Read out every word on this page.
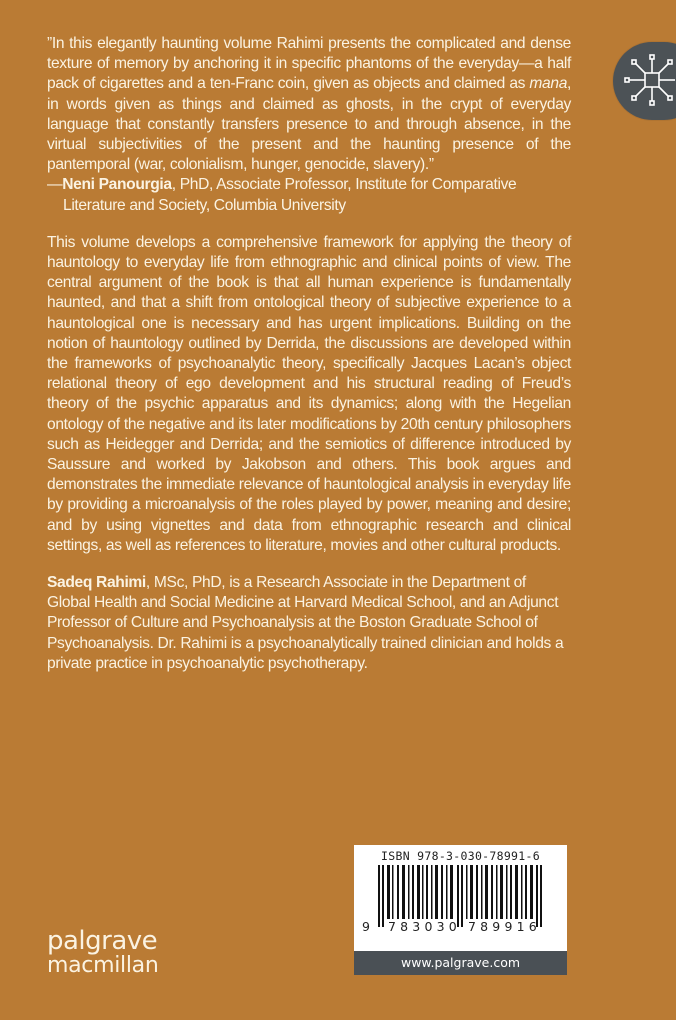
”In this elegantly haunting volume Rahimi presents the complicated and dense texture of memory by anchoring it in specific phantoms of the everyday—a half pack of cigarettes and a ten-Franc coin, given as objects and claimed as mana, in words given as things and claimed as ghosts, in the crypt of everyday language that constantly transfers presence to and through absence, in the virtual subjectivities of the present and the haunting presence of the pantemporal (war, colonialism, hunger, genocide, slavery).”

—Neni Panourgia, PhD, Associate Professor, Institute for Comparative Literature and Society, Columbia University

This volume develops a comprehensive framework for applying the theory of hauntology to everyday life from ethnographic and clinical points of view. The central argument of the book is that all human experience is fundamentally haunted, and that a shift from ontological theory of subjective experience to a hauntological one is necessary and has urgent implications. Building on the notion of hauntology outlined by Derrida, the discussions are developed within the frameworks of psychoanalytic theory, specifically Jacques Lacan’s object relational theory of ego development and his structural reading of Freud’s theory of the psychic apparatus and its dynamics; along with the Hegelian ontology of the negative and its later modifications by 20th century philosophers such as Heidegger and Derrida; and the semiotics of difference introduced by Saussure and worked by Jakobson and others. This book argues and demonstrates the immediate relevance of hauntological analysis in everyday life by providing a microanalysis of the roles played by power, meaning and desire; and by using vignettes and data from ethnographic research and clinical settings, as well as references to literature, movies and other cultural products.

Sadeq Rahimi, MSc, PhD, is a Research Associate in the Department of Global Health and Social Medicine at Harvard Medical School, and an Adjunct Professor of Culture and Psychoanalysis at the Boston Graduate School of Psychoanalysis. Dr. Rahimi is a psychoanalytically trained clinician and holds a private practice in psychoanalytic psychotherapy.

palgrave
macmillan
ISBN 978-3-030-78991-6
9 783030 789916
www.palgrave.com
